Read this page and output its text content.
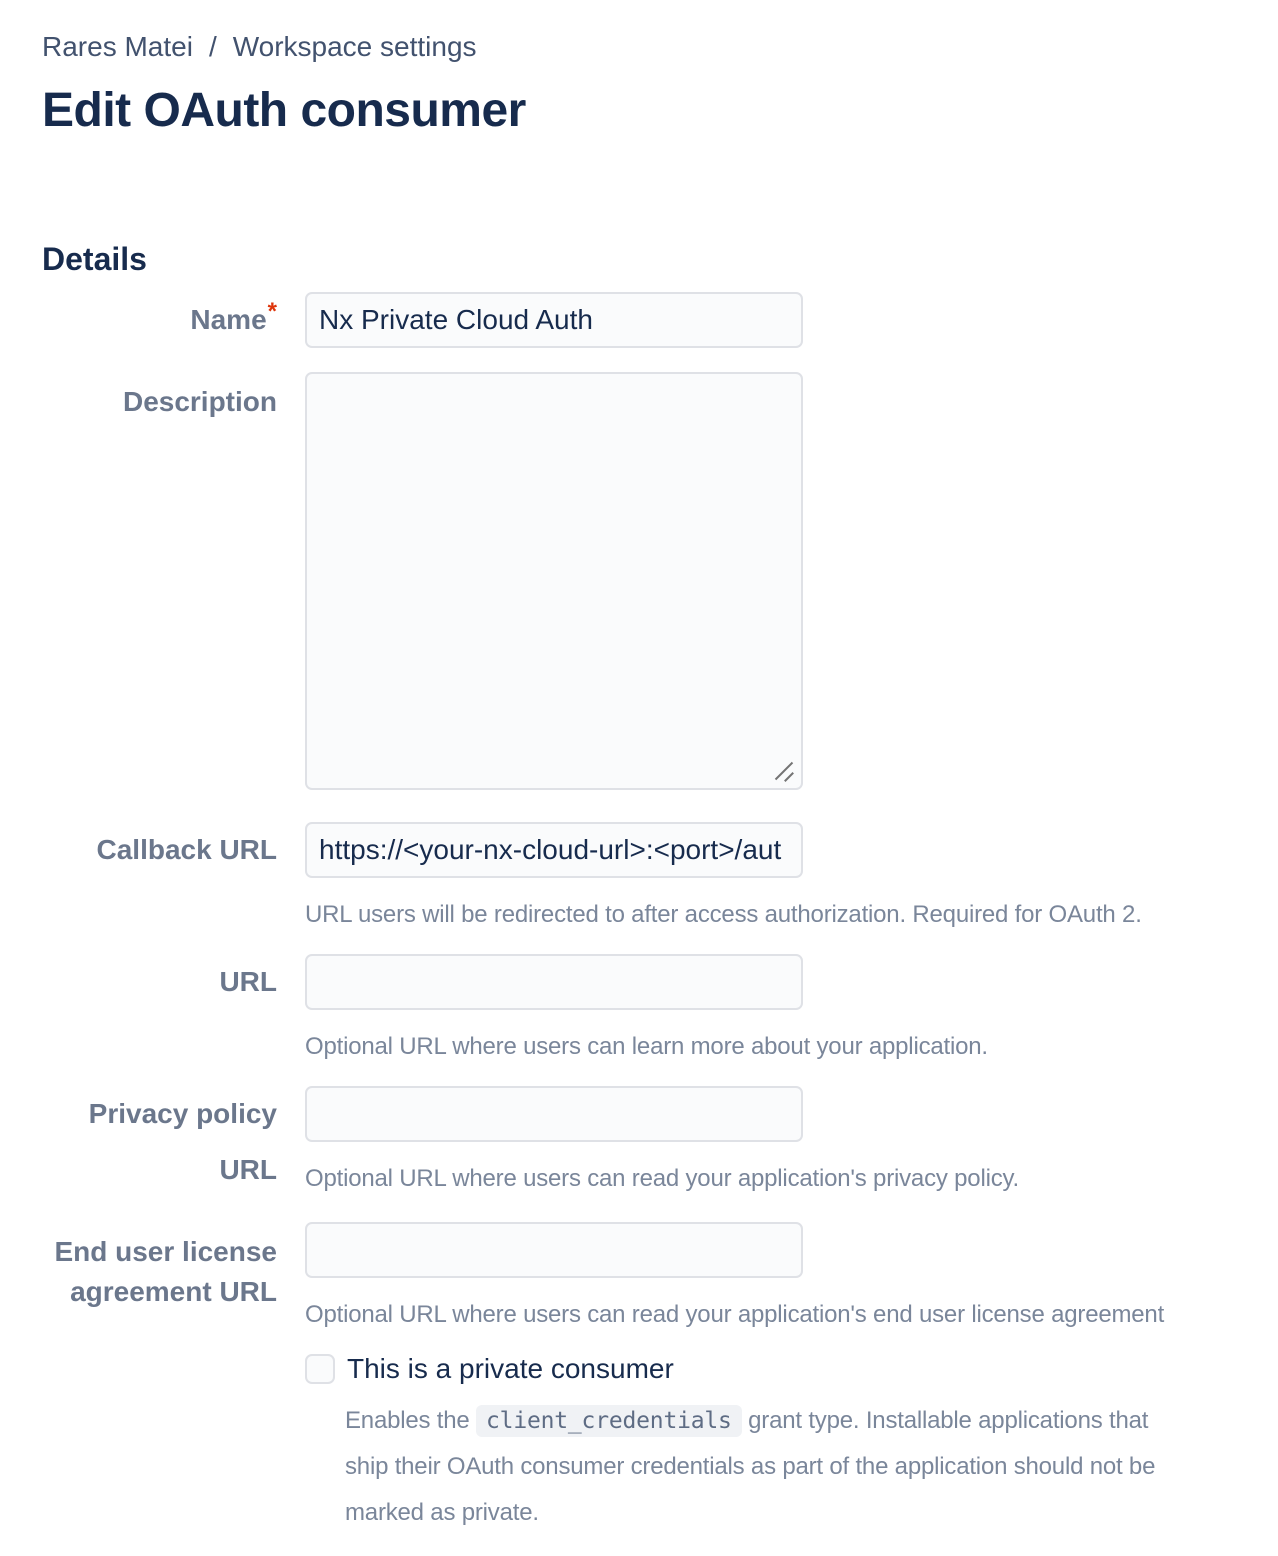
Rares Matei / Workspace settings
Edit OAuth consumer
Details
Name*
Nx Private Cloud Auth
Description
Callback URL
https://<your-nx-cloud-url>:<port>/aut
URL users will be redirected to after access authorization. Required for OAuth 2.
URL
Optional URL where users can learn more about your application.
Privacy policy URL	Optional URL where users can read your application's privacy policy.
End user license agreement URL
Optional URL where users can read your application's end user license agreement
This is a private consumer

Enables the client_credentials grant type. Installable applications that ship their OAuth consumer credentials as part of the application should not be marked as private.
